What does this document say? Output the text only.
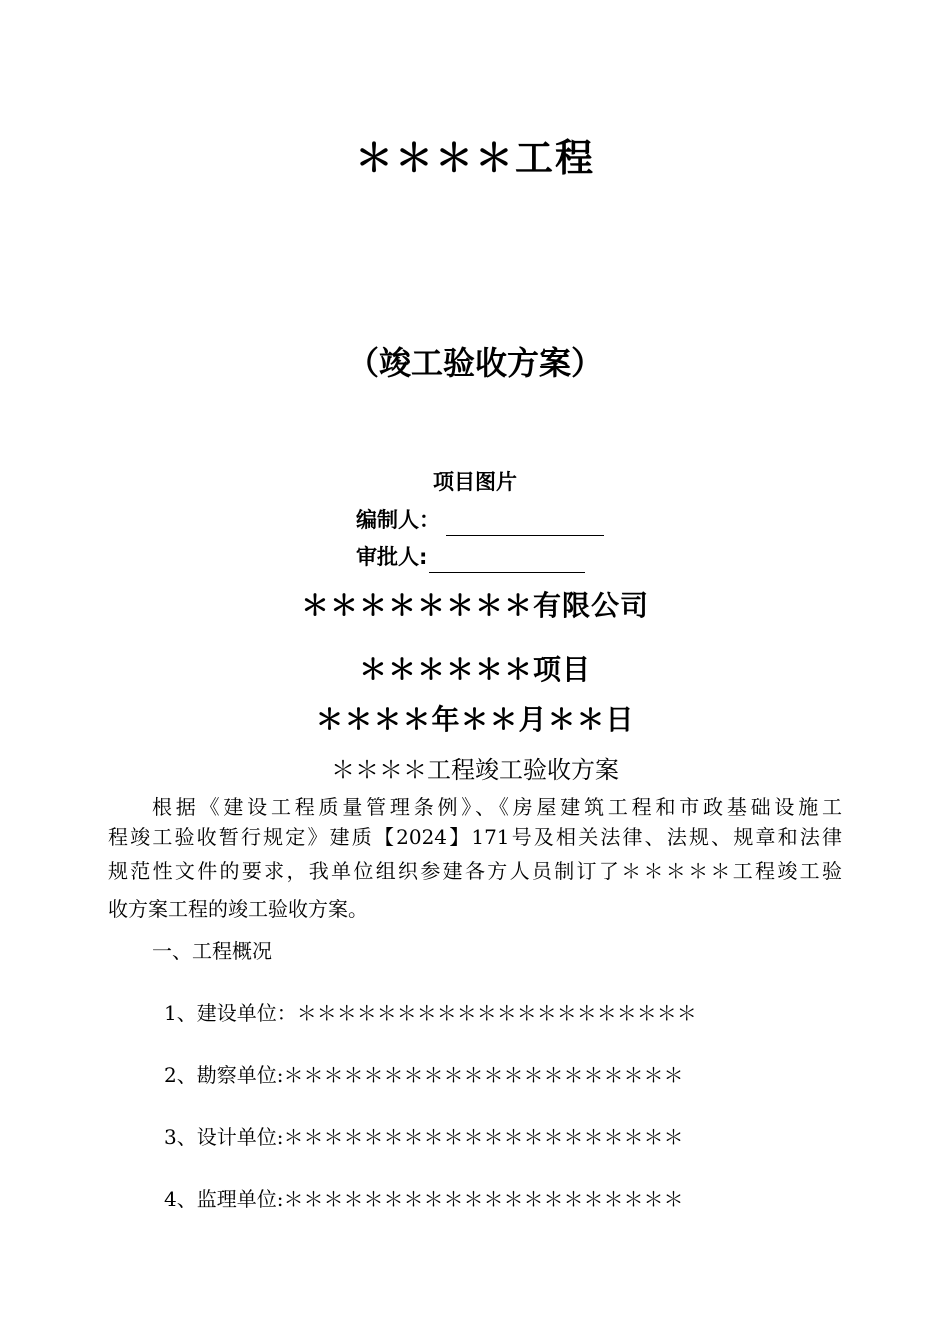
＊＊＊＊工程
（竣工验收方案）
项目图片
编制人：
审批人:
＊＊＊＊＊＊＊＊有限公司
＊＊＊＊＊＊项目
＊＊＊＊年＊＊月＊＊日
＊＊＊＊工程竣工验收方案
根据《建设工程质量管理条例》、《房屋建筑工程和市政基础设施工
程竣工验收暂行规定》建质【2024】171号及相关法律、法规、规章和法律
规范性文件的要求，我单位组织参建各方人员制订了＊＊＊＊＊工程竣工验
收方案工程的竣工验收方案。
一、工程概况
1、建设单位：＊＊＊＊＊＊＊＊＊＊＊＊＊＊＊＊＊＊＊＊
2、勘察单位:＊＊＊＊＊＊＊＊＊＊＊＊＊＊＊＊＊＊＊＊
3、设计单位:＊＊＊＊＊＊＊＊＊＊＊＊＊＊＊＊＊＊＊＊
4、监理单位:＊＊＊＊＊＊＊＊＊＊＊＊＊＊＊＊＊＊＊＊
